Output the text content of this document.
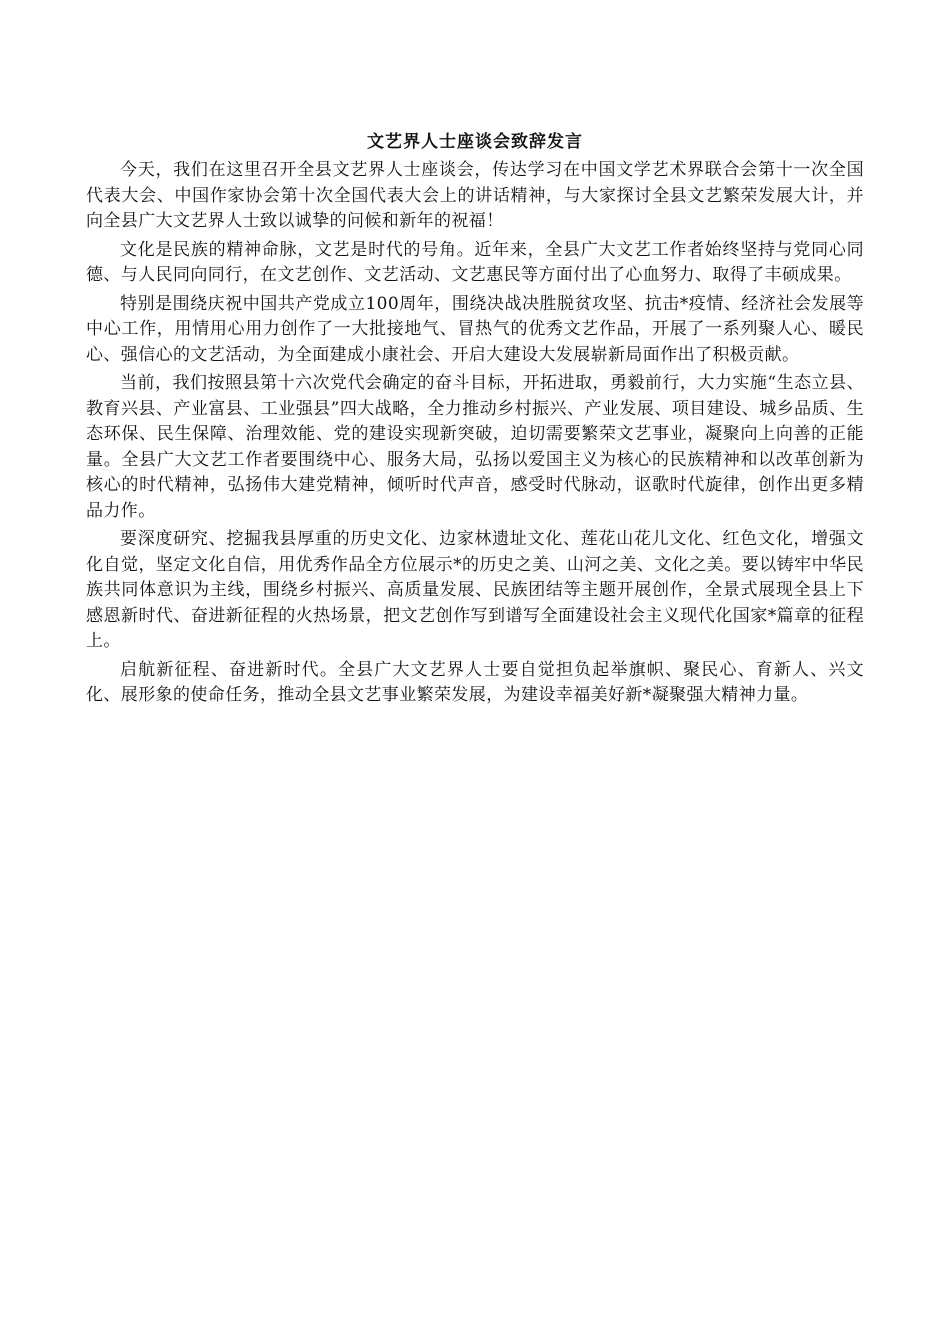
文艺界人士座谈会致辞发言

今天，我们在这里召开全县文艺界人士座谈会，传达学习在中国文学艺术界联合会第十一次全国代表大会、中国作家协会第十次全国代表大会上的讲话精神，与大家探讨全县文艺繁荣发展大计，并向全县广大文艺界人士致以诚挚的问候和新年的祝福！

文化是民族的精神命脉，文艺是时代的号角。近年来，全县广大文艺工作者始终坚持与党同心同德、与人民同向同行，在文艺创作、文艺活动、文艺惠民等方面付出了心血努力、取得了丰硕成果。

特别是围绕庆祝中国共产党成立100周年，围绕决战决胜脱贫攻坚、抗击*疫情、经济社会发展等中心工作，用情用心用力创作了一大批接地气、冒热气的优秀文艺作品，开展了一系列聚人心、暖民心、强信心的文艺活动，为全面建成小康社会、开启大建设大发展崭新局面作出了积极贡献。

当前，我们按照县第十六次党代会确定的奋斗目标，开拓进取，勇毅前行，大力实施“生态立县、教育兴县、产业富县、工业强县”四大战略，全力推动乡村振兴、产业发展、项目建设、城乡品质、生态环保、民生保障、治理效能、党的建设实现新突破，迫切需要繁荣文艺事业，凝聚向上向善的正能量。全县广大文艺工作者要围绕中心、服务大局，弘扬以爱国主义为核心的民族精神和以改革创新为核心的时代精神，弘扬伟大建党精神，倾听时代声音，感受时代脉动，讴歌时代旋律，创作出更多精品力作。

要深度研究、挖掘我县厚重的历史文化、边家林遗址文化、莲花山花儿文化、红色文化，增强文化自觉，坚定文化自信，用优秀作品全方位展示*的历史之美、山河之美、文化之美。要以铸牢中华民族共同体意识为主线，围绕乡村振兴、高质量发展、民族团结等主题开展创作，全景式展现全县上下感恩新时代、奋进新征程的火热场景，把文艺创作写到谱写全面建设社会主义现代化国家*篇章的征程上。

启航新征程、奋进新时代。全县广大文艺界人士要自觉担负起举旗帜、聚民心、育新人、兴文化、展形象的使命任务，推动全县文艺事业繁荣发展，为建设幸福美好新*凝聚强大精神力量。
